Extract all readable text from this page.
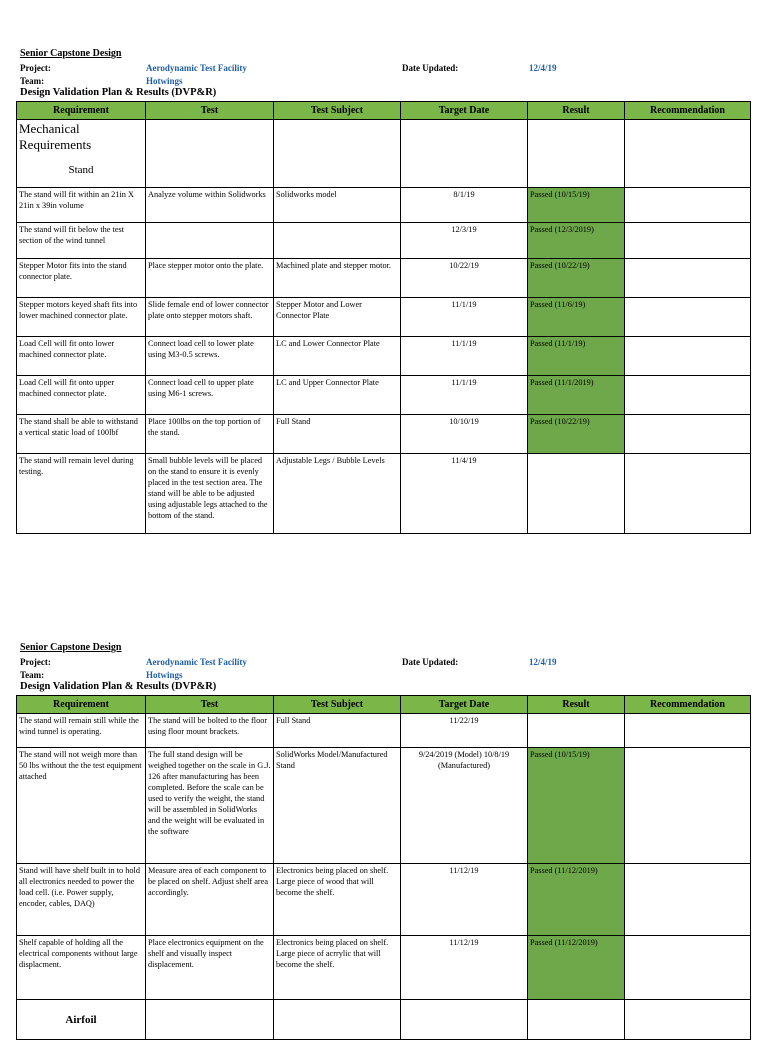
Senior Capstone Design
Project:	Aerodynamic Test Facility	Date Updated:	12/4/19
Team:	Hotwings
Design Validation Plan & Results (DVP&R)
Requirement	Test	Test Subject	Target Date	Result	Recommendation
Mechanical Requirements
Stand					

The stand will fit within an 21in X 21in x 39in volume	Analyze volume within Solidworks	Solidworks model	8/1/19	Passed (10/15/19)	
The stand will fit below the test section of the wind tunnel			12/3/19	Passed (12/3/2019)	
Stepper Motor fits into the stand connector plate.	Place stepper motor onto the plate.	Machined plate and stepper motor.	10/22/19	Passed (10/22/19)	
Stepper motors keyed shaft fits into lower machined connector plate.	Slide female end of lower connector plate onto stepper motors shaft.	Stepper Motor and Lower Connector Plate	11/1/19	Passed (11/6/19)	
Load Cell will fit onto lower machined connector plate.	Connect load cell to lower plate using M3-0.5 screws.	LC and Lower Connector Plate	11/1/19	Passed (11/1/19)	
Load Cell will fit onto upper machined connector plate.	Connect load cell to upper plate using M6-1 screws.	LC and Upper Connector Plate	11/1/19	Passed (11/1/2019)	
The stand shall be able to withstand a vertical static load of 100lbf	Place 100lbs on the top portion of the stand.	Full Stand	10/10/19	Passed (10/22/19)	
The stand will remain level during testing.	Small bubble levels will be placed on the stand to ensure it is evenly placed in the test section area. The stand will be able to be adjusted using adjustable legs attached to the bottom of the stand.	Adjustable Legs / Bubble Levels	11/4/19		
Senior Capstone Design
Project:	Aerodynamic Test Facility	Date Updated:	12/4/19
Team:	Hotwings
Design Validation Plan & Results (DVP&R)
Requirement	Test	Test Subject	Target Date	Result	Recommendation
The stand will remain still while the wind tunnel is operating.	The stand will be bolted to the floor using floor mount brackets.	Full Stand	11/22/19		
The stand will not weigh more than 50 lbs without the the test equipment attached	The full stand design will be weighed together on the scale in G.J. 126 after manufacturing has been completed. Before the scale can be used to verify the weight, the stand will be assembled in SolidWorks and the weight will be evaluated in the software	SolidWorks Model/Manufactured Stand	9/24/2019 (Model) 10/8/19 (Manufactured)	Passed (10/15/19)	
Stand will have shelf built in to hold all electronics needed to power the load cell. (i.e. Power supply, encoder, cables, DAQ)	Measure area of each component to be placed on shelf. Adjust shelf area accordingly.	Electronics being placed on shelf. Large piece of wood that will become the shelf.	11/12/19	Passed (11/12/2019)	
Shelf capable of holding all the electrical components without large displacment.	Place electronics equipment on the shelf and visually inspect displacement.	Electronics being placed on shelf. Large piece of acrrylic that will become the shelf.	11/12/19	Passed (11/12/2019)	

Airfoil					
